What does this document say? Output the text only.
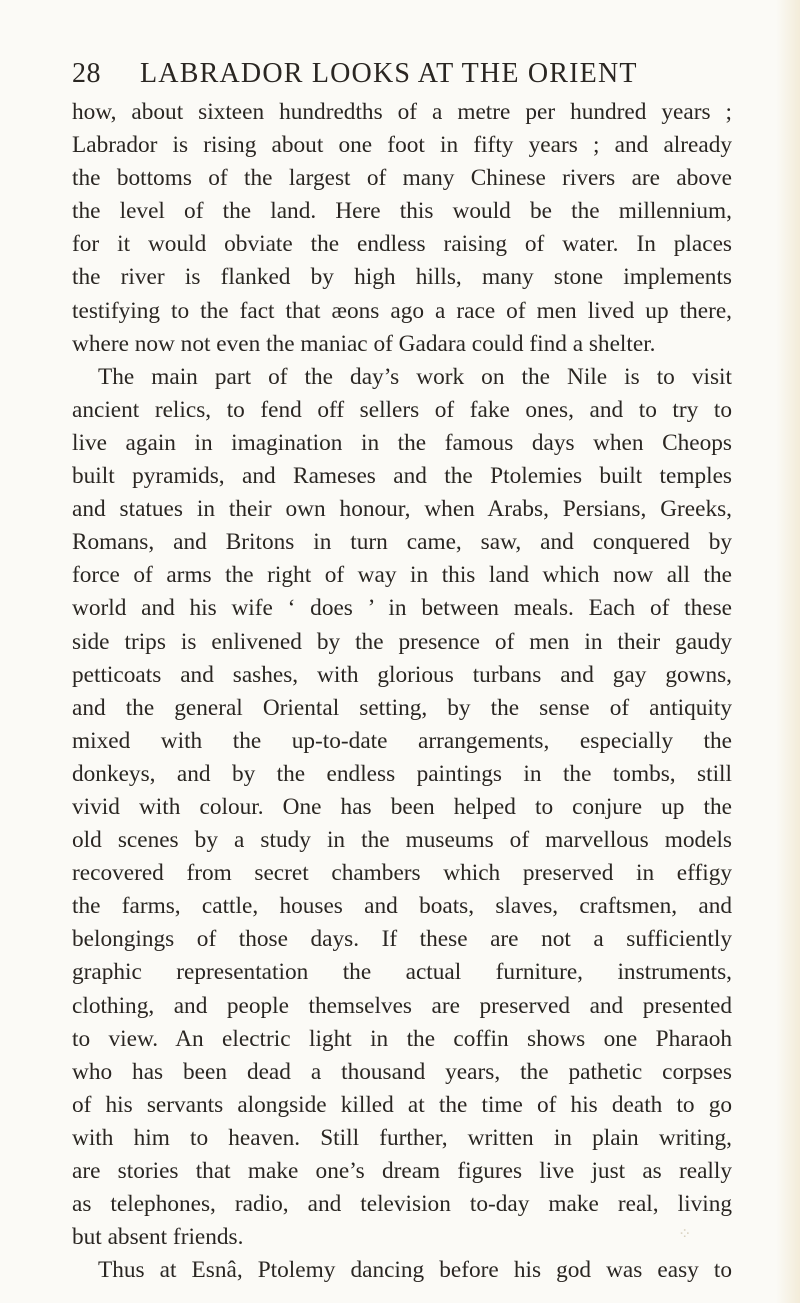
28 LABRADOR LOOKS AT THE ORIENT
how, about sixteen hundredths of a metre per hundred years ;
Labrador is rising about one foot in fifty years ; and already
the bottoms of the largest of many Chinese rivers are above
the level of the land. Here this would be the millennium,
for it would obviate the endless raising of water. In places
the river is flanked by high hills, many stone implements
testifying to the fact that æons ago a race of men lived up there,
where now not even the maniac of Gadara could find a shelter.
The main part of the day’s work on the Nile is to visit
ancient relics, to fend off sellers of fake ones, and to try to
live again in imagination in the famous days when Cheops
built pyramids, and Rameses and the Ptolemies built temples
and statues in their own honour, when Arabs, Persians, Greeks,
Romans, and Britons in turn came, saw, and conquered by
force of arms the right of way in this land which now all the
world and his wife ‘ does ’ in between meals. Each of these
side trips is enlivened by the presence of men in their gaudy
petticoats and sashes, with glorious turbans and gay gowns,
and the general Oriental setting, by the sense of antiquity
mixed with the up-to-date arrangements, especially the
donkeys, and by the endless paintings in the tombs, still
vivid with colour. One has been helped to conjure up the
old scenes by a study in the museums of marvellous models
recovered from secret chambers which preserved in effigy
the farms, cattle, houses and boats, slaves, craftsmen, and
belongings of those days. If these are not a sufficiently
graphic representation the actual furniture, instruments,
clothing, and people themselves are preserved and presented
to view. An electric light in the coffin shows one Pharaoh
who has been dead a thousand years, the pathetic corpses
of his servants alongside killed at the time of his death to go
with him to heaven. Still further, written in plain writing,
are stories that make one’s dream figures live just as really
as telephones, radio, and television to-day make real, living
but absent friends.
Thus at Esnâ, Ptolemy dancing before his god was easy to
⁘
